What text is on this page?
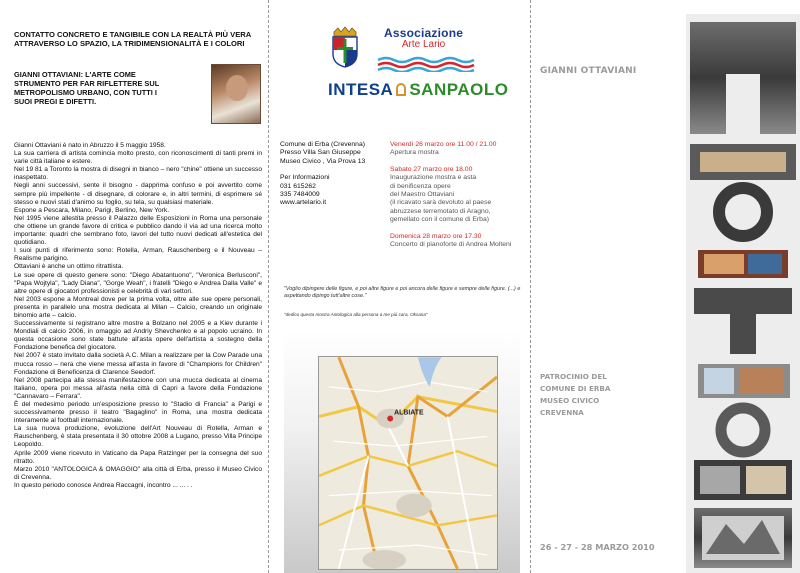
CONTATTO CONCRETO E TANGIBILE CON LA REALTÀ PIÙ VERA ATTRAVERSO LO SPAZIO, LA TRIDIMENSIONALITÀ E I COLORI
GIANNI OTTAVIANI: L'ARTE COME STRUMENTO PER FAR RIFLETTERE SUL METROPOLISMO URBANO, CON TUTTI I SUOI PREGI E DIFETTI.

Gianni Ottaviani è nato in Abruzzo il 5 maggio 1958.

La sua carriera di artista comincia molto presto, con riconoscimenti di tanti premi in varie città italiane e estere.

Nel 19 81 a Toronto la mostra di disegni in bianco – nero "chine" ottiene un successo inaspettato.

Negli anni successivi, sente il bisogno - dapprima confuso e poi avvertito come sempre più impellente - di disegnare, di colorare e, in altri termini, di esprimere sé stesso e nuovi stati d'animo su foglio, su tela, su qualsiasi materiale.

Espone a Pescara, Milano, Parigi, Berlino, New York.

Nel 1995 viene allestita presso il Palazzo delle Esposizioni in Roma una personale che ottiene un grande favore di critica e pubblico dando il via ad una ricerca molto importante: quadri che sembrano foto, lavori del tutto nuovi dedicati all'estetica del quotidiano.

I suoi punti di riferimento sono: Rotella, Arman, Rauschenberg e il Nouveau – Realisme parigino.

Ottaviani è anche un ottimo ritrattista.

Le sue opere di questo genere sono: "Diego Abatantuono", "Veronica Berlusconi", "Papa Wojtyla", "Lady Diana", "Gorge Weah", i fratelli "Diego e Andrea Dalla Valle" e altre opere di giocatori professionisti e celebrità di vari settori.

Nel 2003 espone a Montreal dove per la prima volta, oltre alle sue opere personali, presenta in parallelo una mostra dedicata al Milan – Calcio, creando un originale binomio arte – calcio.

Successivamente si registrano altre mostre a Bolzano nel 2005 e a Kiev durante i Mondiali di calcio 2006, in omaggio ad Andriy Shevchenko e al popolo ucraino. In questa occasione sono state battute all'asta opere dell'artista a sostegno della Fondazione benefica del giocatore.

Nel 2007 è stato invitato dalla società A.C. Milan a realizzare per la Cow Parade una mucca rosso – nera che viene messa all'asta in favore di "Champions for Children" Fondazione di Beneficenza di Clarence Seedorf.

Nel 2008 partecipa alla stessa manifestazione con una mucca dedicata al cinema Italiano, opera poi messa all'asta nella città di Capri a favore della Fondazione "Cannavaro – Ferrara".

È del medesimo periodo un'esposizione presso lo "Stadio di Francia" a Parigi e successivamente presso il teatro "Bagaglino" in Roma, una mostra dedicata interamente al football internazionale.

La sua nuova produzione, evoluzione dell'Art Nouveau di Rotella, Arman e Rauschenberg, è stata presentata il 30 ottobre 2008 a Lugano, presso Villa Principe Leopoldo.

Aprile 2009 viene ricevuto in Vaticano da Papa Ratzinger per la consegna del suo ritratto.

Marzo 2010 "ANTOLOGICA & OMAGGIO" alla città di Erba, presso il Museo Civico di Crevenna.

In questo periodo conosce Andrea Raccagni, incontro ... ... . .

Associazione
Arte Lario
INTESA SANPAOLO

Comune di Erba (Crevenna)

Presso Villa San Giuseppe

Museo Civico , Via Prova 13

Per Informazioni

031 615262

335 7484009

www.artelario.it

Venerdì 26 marzo ore 11.00 / 21.00
Apertura mostra
Sabato 27 marzo ore 18.00
Inaugurazione mostra e asta
di benificenza opere
del Maestro Ottaviani
(il ricavato sarà devoluto al paese
abruzzese terremotato di Aragno,
gemellato con il comune di Erba)
Domenica 28 marzo ore 17.30
Concerto di pianoforte di Andrea Molteni
"Voglio dipingere delle figure, e poi altre figure e poi ancora delle figure e sempre delle figure. (...) e aspettando dipingo tutt'altre cose."
"dedico questa mostra Antologica alla persona a me più cara, Oksana"
ALBIATE
GIANNI OTTAVIANI
PATROCINIO DEL
COMUNE DI ERBA
MUSEO CIVICO
CREVENNA
26 - 27 - 28 MARZO 2010
